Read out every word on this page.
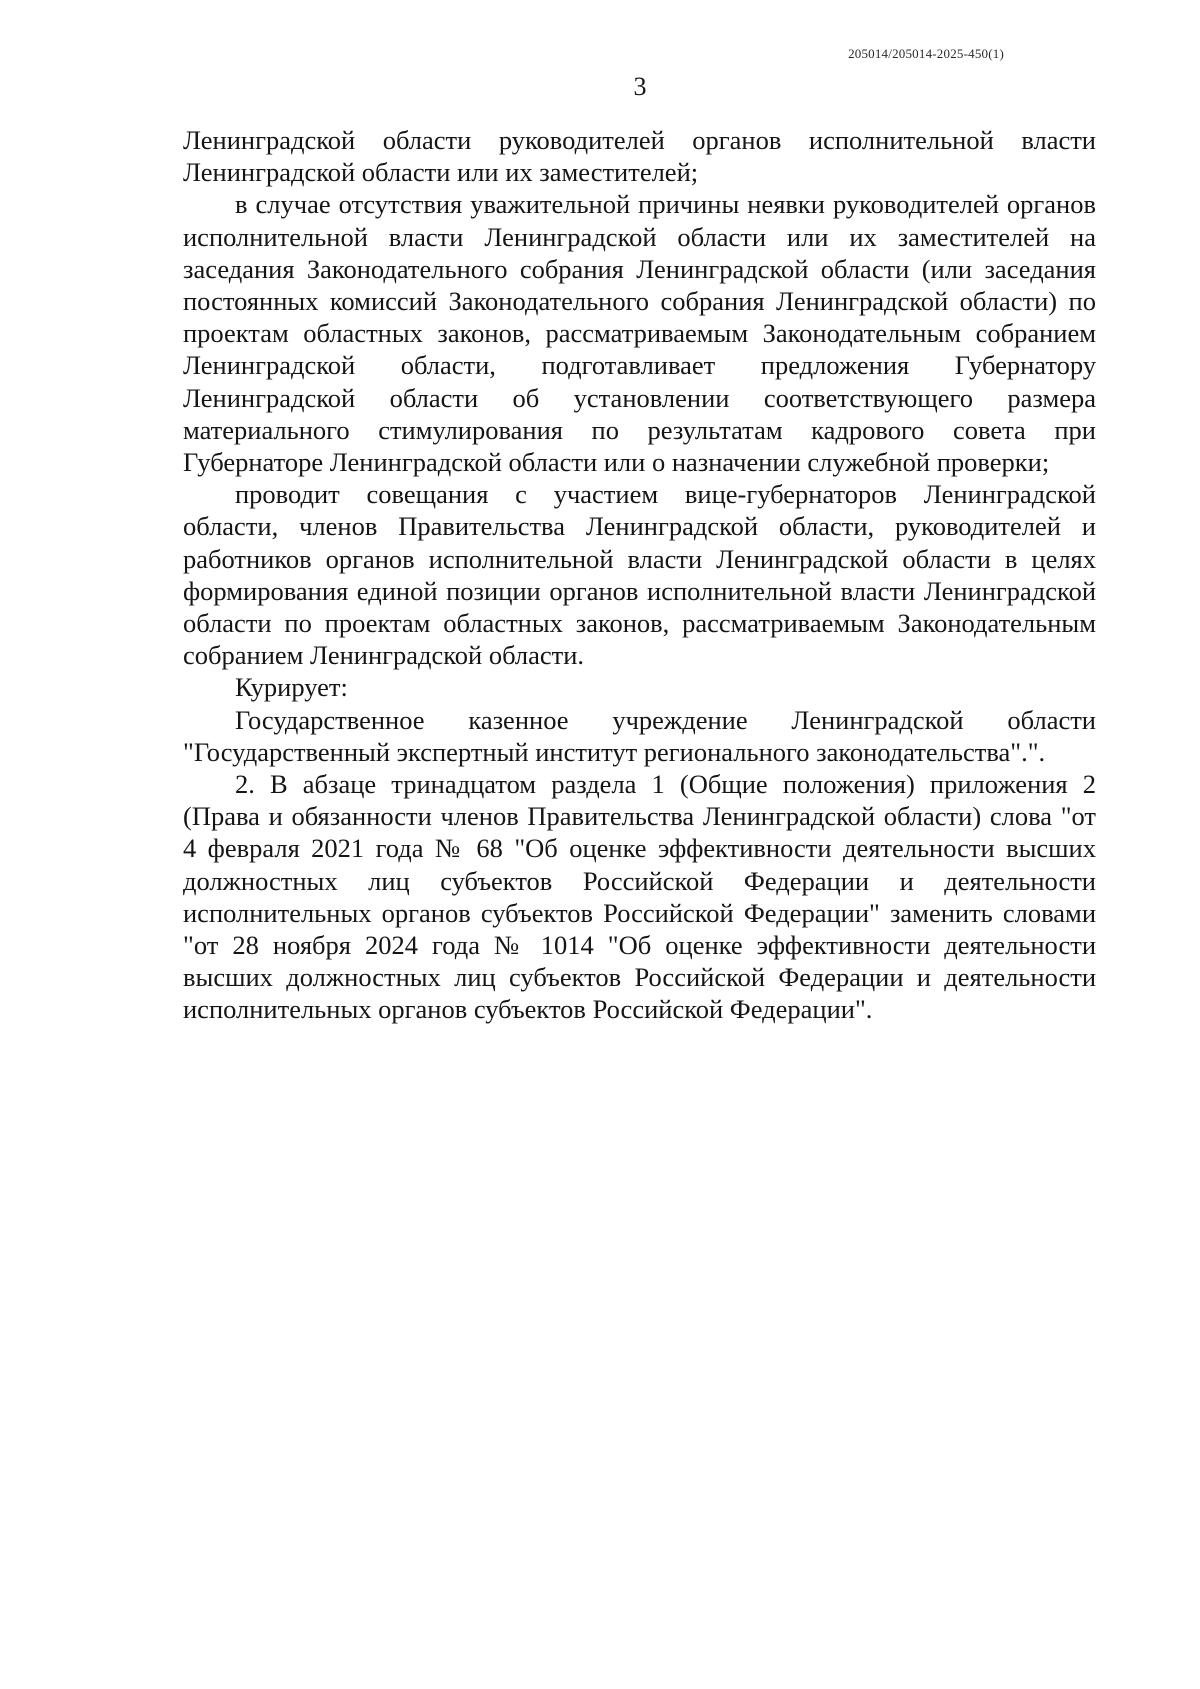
205014/205014-2025-450(1)
3

Ленинградской области руководителей органов исполнительной власти Ленинградской области или их заместителей;

в случае отсутствия уважительной причины неявки руководителей органов исполнительной власти Ленинградской области или их заместителей на заседания Законодательного собрания Ленинградской области (или заседания постоянных комиссий Законодательного собрания Ленинградской области) по проектам областных законов, рассматриваемым Законодательным собранием Ленинградской области, подготавливает предложения Губернатору Ленинградской области об установлении соответствующего размера материального стимулирования по результатам кадрового совета при Губернаторе Ленинградской области или о назначении служебной проверки;

проводит совещания с участием вице-губернаторов Ленинградской области, членов Правительства Ленинградской области, руководителей и работников органов исполнительной власти Ленинградской области в целях формирования единой позиции органов исполнительной власти Ленинградской области по проектам областных законов, рассматриваемым Законодательным собранием Ленинградской области.

Курирует:

Государственное казенное учреждение Ленинградской области "Государственный экспертный институт регионального законодательства".".

2. В абзаце тринадцатом раздела 1 (Общие положения) приложения 2 (Права и обязанности членов Правительства Ленинградской области) слова "от 4 февраля 2021 года № 68 "Об оценке эффективности деятельности высших должностных лиц субъектов Российской Федерации и деятельности исполнительных органов субъектов Российской Федерации" заменить словами "от 28 ноября 2024 года № 1014 "Об оценке эффективности деятельности высших должностных лиц субъектов Российской Федерации и деятельности исполнительных органов субъектов Российской Федерации".
